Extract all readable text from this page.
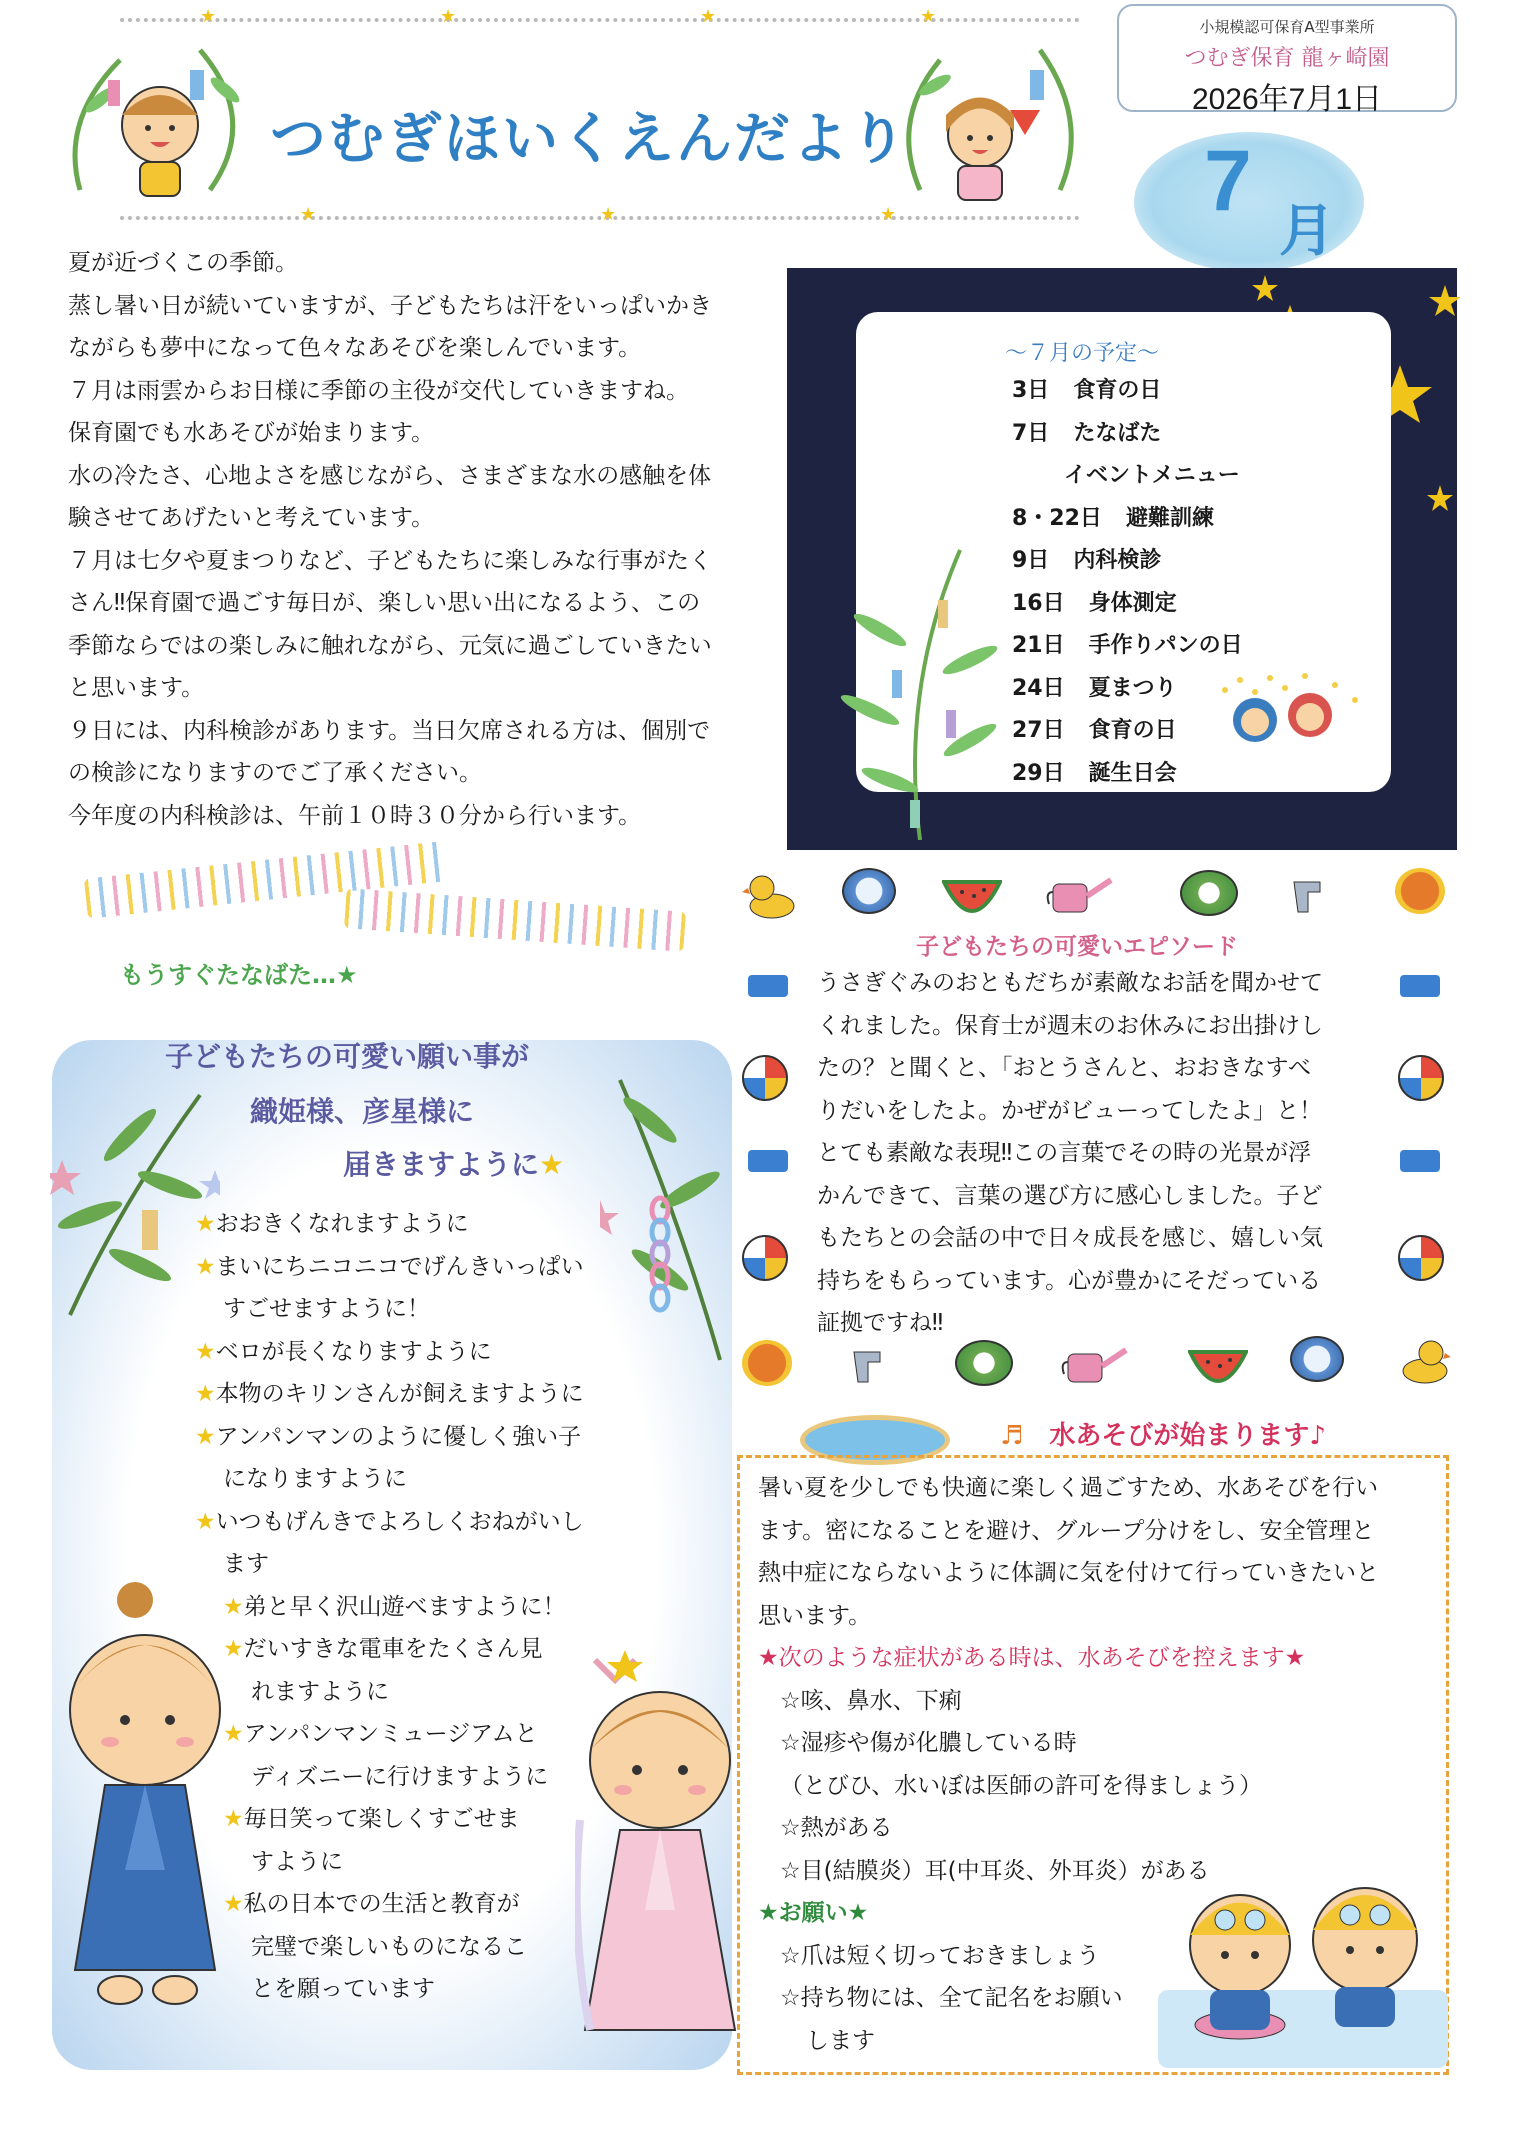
★	★	★	★
★	★	★
つむぎほいくえんだより
小規模認可保育A型事業所
つむぎ保育 龍ヶ崎園
2026年7月1日
7
月

夏が近づくこの季節。

蒸し暑い日が続いていますが、子どもたちは汗をいっぱいかき

ながらも夢中になって色々なあそびを楽しんでいます。

７月は雨雲からお日様に季節の主役が交代していきますね。

保育園でも水あそびが始まります。

水の冷たさ、心地よさを感じながら、さまざまな水の感触を体

験させてあげたいと考えています。

７月は七夕や夏まつりなど、子どもたちに楽しみな行事がたく

さん‼保育園で過ごす毎日が、楽しい思い出になるよう、この

季節ならではの楽しみに触れながら、元気に過ごしていきたい

と思います。

９日には、内科検診があります。当日欠席される方は、個別で

の検診になりますのでご了承ください。

今年度の内科検診は、午前１０時３０分から行います。

～７月の予定～
3日 食育の日
7日 たなばた
イベントメニュー
8・22日 避難訓練
9日 内科検診
16日 身体測定
21日 手作りパンの日
24日 夏まつり
27日 食育の日
29日 誕生日会
もうすぐたなばた…★
子どもたちの可愛い願い事が
織姫様、彦星様に
届きますように★
★おおきくなれますように
★まいにちニコニコでげんきいっぱい
すごせますように！
★ベロが長くなりますように
★本物のキリンさんが飼えますように
★アンパンマンのように優しく強い子
になりますように
★いつもげんきでよろしくおねがいし
ます
★弟と早く沢山遊べますように！
★だいすきな電車をたくさん見
れますように
★アンパンマンミュージアムと
ディズニーに行けますように
★毎日笑って楽しくすごせま
すように
★私の日本での生活と教育が
完璧で楽しいものになるこ
とを願っています
子どもたちの可愛いエピソード

うさぎぐみのおともだちが素敵なお話を聞かせて

くれました。保育士が週末のお休みにお出掛けし

たの？と聞くと、「おとうさんと、おおきなすべ

りだいをしたよ。かぜがビューってしたよ」と！

とても素敵な表現‼この言葉でその時の光景が浮

かんできて、言葉の選び方に感心しました。子ど

もたちとの会話の中で日々成長を感じ、嬉しい気

持ちをもらっています。心が豊かにそだっている

証拠ですね‼

♬　 水あそびが始まります♪

暑い夏を少しでも快適に楽しく過ごすため、水あそびを行い

ます。密になることを避け、グループ分けをし、安全管理と

熱中症にならないように体調に気を付けて行っていきたいと

思います。

★次のような症状がある時は、水あそびを控えます★

☆咳、鼻水、下痢

☆湿疹や傷が化膿している時

（とびひ、水いぼは医師の許可を得ましょう）

☆熱がある

☆目(結膜炎）耳(中耳炎、外耳炎）がある

★お願い★

☆爪は短く切っておきましょう

☆持ち物には、全て記名をお願い

します
